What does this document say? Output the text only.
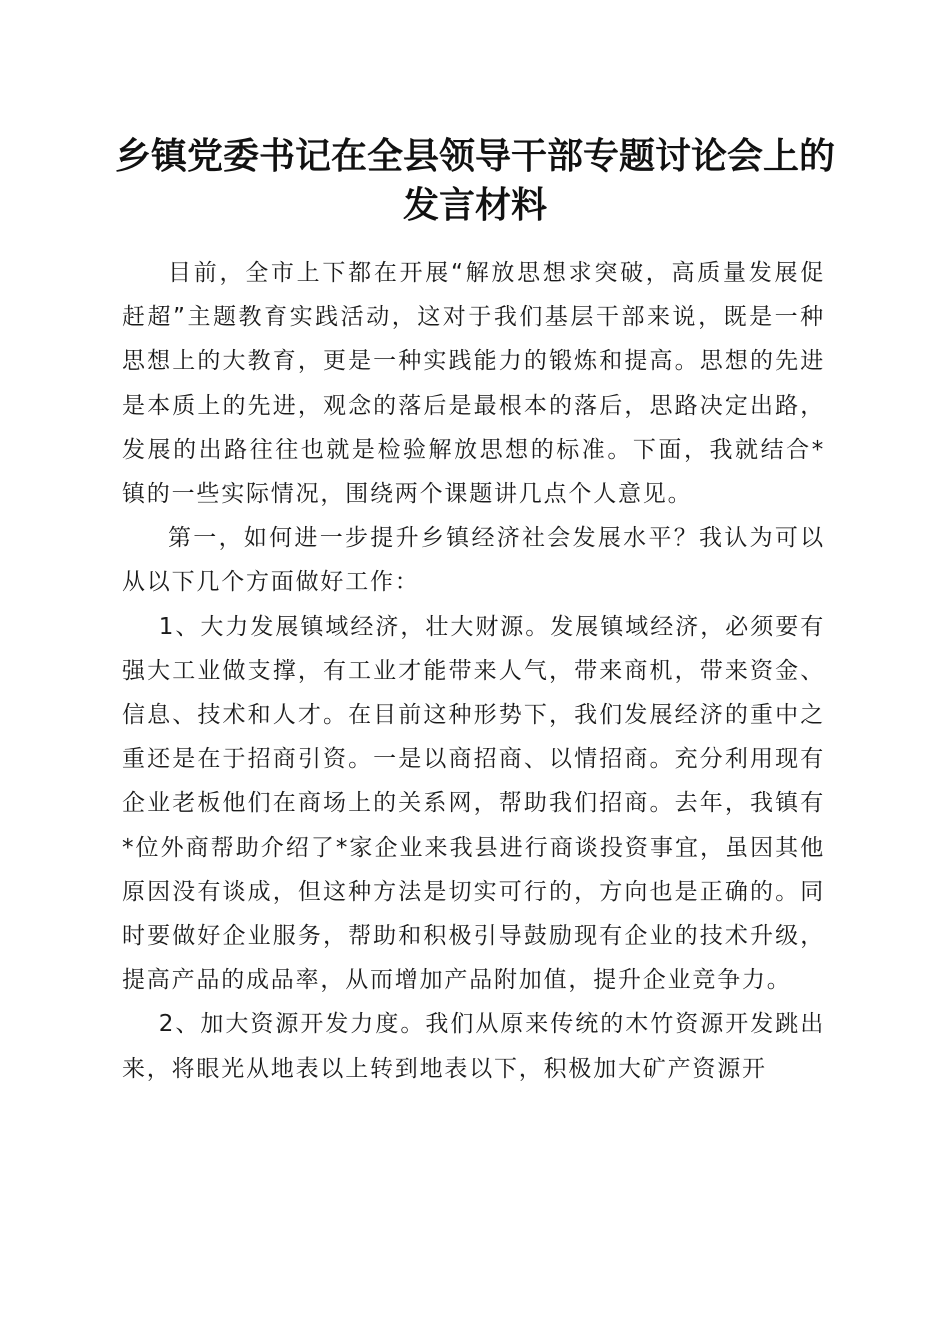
乡镇党委书记在全县领导干部专题讨论会上的
发言材料

目前，全市上下都在开展“解放思想求突破，高质量发展促赶超”主题教育实践活动，这对于我们基层干部来说，既是一种思想上的大教育，更是一种实践能力的锻炼和提高。思想的先进是本质上的先进，观念的落后是最根本的落后，思路决定出路，发展的出路往往也就是检验解放思想的标准。下面，我就结合*镇的一些实际情况，围绕两个课题讲几点个人意见。

第一，如何进一步提升乡镇经济社会发展水平？我认为可以从以下几个方面做好工作：

1、大力发展镇域经济，壮大财源。发展镇域经济，必须要有强大工业做支撑，有工业才能带来人气，带来商机，带来资金、信息、技术和人才。在目前这种形势下，我们发展经济的重中之重还是在于招商引资。一是以商招商、以情招商。充分利用现有企业老板他们在商场上的关系网，帮助我们招商。去年，我镇有*位外商帮助介绍了*家企业来我县进行商谈投资事宜，虽因其他原因没有谈成，但这种方法是切实可行的，方向也是正确的。同时要做好企业服务，帮助和积极引导鼓励现有企业的技术升级，提高产品的成品率，从而增加产品附加值，提升企业竞争力。

2、加大资源开发力度。我们从原来传统的木竹资源开发跳出来，将眼光从地表以上转到地表以下，积极加大矿产资源开
